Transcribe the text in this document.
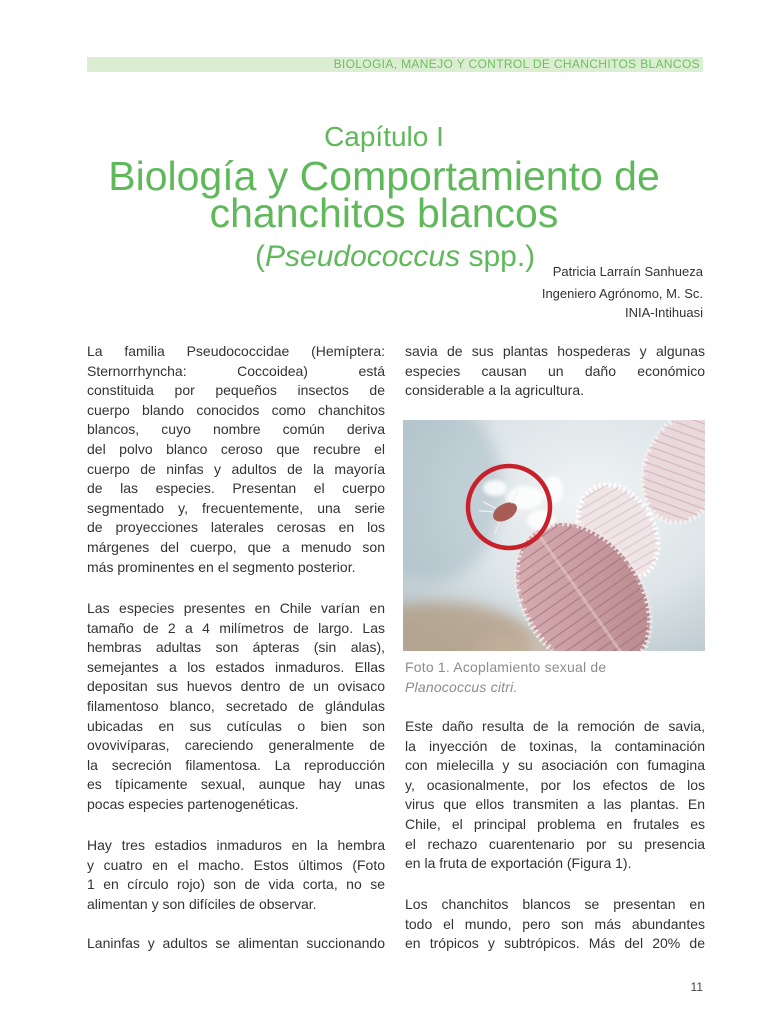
BIOLOGIA, MANEJO Y CONTROL DE CHANCHITOS BLANCOS
Capítulo I
Biología y Comportamiento de
chanchitos blancos
(Pseudococcus spp.) Patricia Larraín Sanhueza
Ingeniero Agrónomo, M. Sc.
INIA-Intihuasi
La familia Pseudococcidae (Hemíptera:
Sternorrhyncha: Coccoidea) está
constituida por pequeños insectos de
cuerpo blando conocidos como chanchitos
blancos, cuyo nombre común deriva
del polvo blanco ceroso que recubre el
cuerpo de ninfas y adultos de la mayoría
de las especies. Presentan el cuerpo
segmentado y, frecuentemente, una serie
de proyecciones laterales cerosas en los
márgenes del cuerpo, que a menudo son
más prominentes en el segmento posterior.
Las especies presentes en Chile varían en
tamaño de 2 a 4 milímetros de largo. Las
hembras adultas son ápteras (sin alas),
semejantes a los estados inmaduros. Ellas
depositan sus huevos dentro de un ovisaco
filamentoso blanco, secretado de glándulas
ubicadas en sus cutículas o bien son
ovovivíparas, careciendo generalmente de
la secreción filamentosa. La reproducción
es típicamente sexual, aunque hay unas
pocas especies partenogenéticas.
Hay tres estadios inmaduros en la hembra
y cuatro en el macho. Estos últimos (Foto
1 en círculo rojo) son de vida corta, no se
alimentan y son difíciles de observar.
Laninfas y adultos se alimentan succionando
savia de sus plantas hospederas y algunas
especies causan un daño económico
considerable a la agricultura.
Foto 1. Acoplamiento sexual de
Planococcus citri.
Este daño resulta de la remoción de savia,
la inyección de toxinas, la contaminación
con mielecilla y su asociación con fumagina
y, ocasionalmente, por los efectos de los
virus que ellos transmiten a las plantas. En
Chile, el principal problema en frutales es
el rechazo cuarentenario por su presencia
en la fruta de exportación (Figura 1).
Los chanchitos blancos se presentan en
todo el mundo, pero son más abundantes
en trópicos y subtrópicos. Más del 20% de
11
